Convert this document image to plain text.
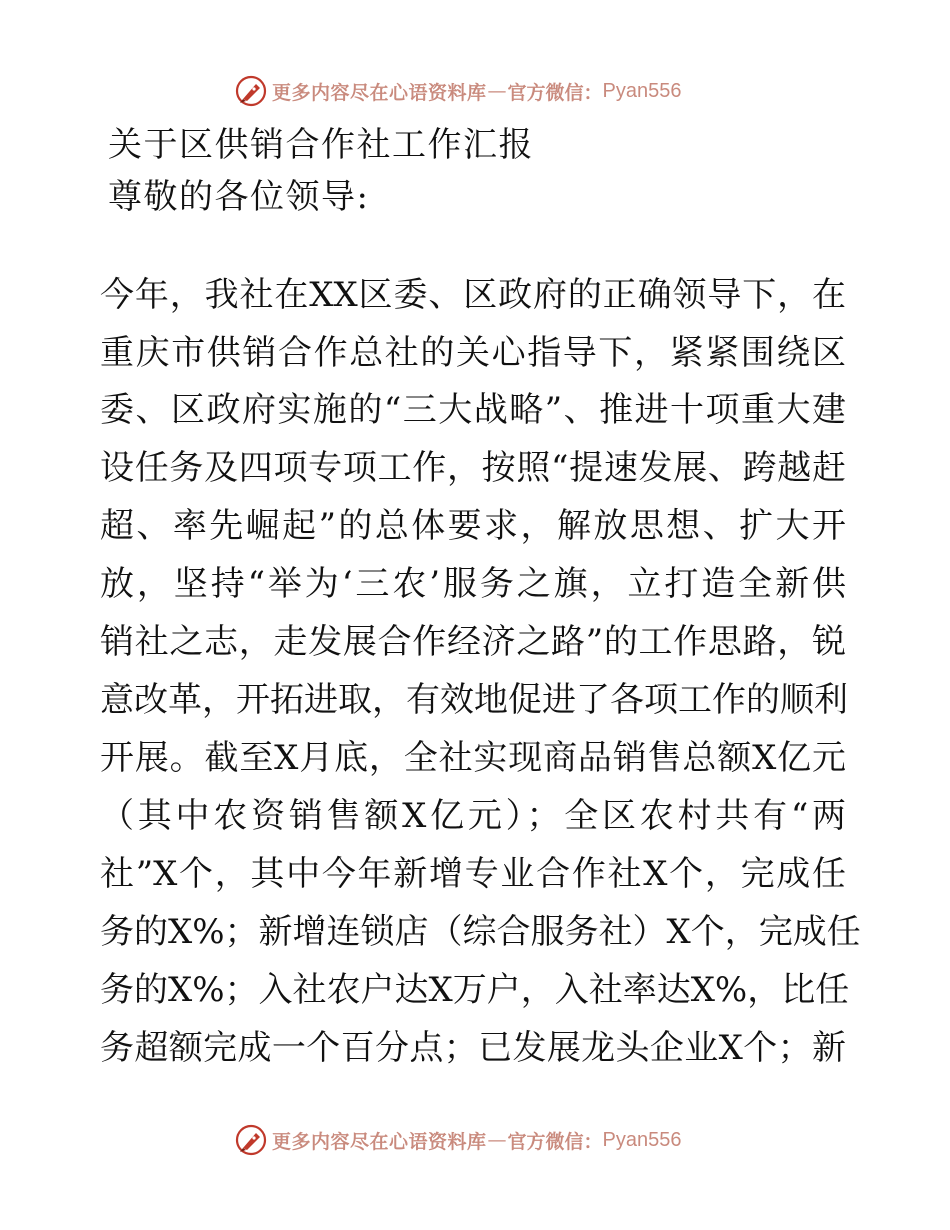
更多内容尽在心语资料库 — 官方微信： Pyan556
关于区供销合作社工作汇报

尊敬的各位领导:

今年，我社在XX区委、区政府的正确领导下，在

重庆市供销合作总社的关心指导下，紧紧围绕区

委、区政府实施的“三大战略”、推进十项重大建

设任务及四项专项工作，按照“提速发展、跨越赶

超、率先崛起”的总体要求，解放思想、扩大开

放，坚持“举为‘三农’服务之旗，立打造全新供

销社之志，走发展合作经济之路”的工作思路，锐

意改革，开拓进取，有效地促进了各项工作的顺利

开展。截至X月底，全社实现商品销售总额X亿元

（其中农资销售额X亿元）；全区农村共有“两

社”X个，其中今年新增专业合作社X个，完成任

务的X%；新增连锁店（综合服务社）X个，完成任

务的X%；入社农户达X万户，入社率达X%，比任

务超额完成一个百分点；已发展龙头企业X个；新

更多内容尽在心语资料库 — 官方微信： Pyan556
